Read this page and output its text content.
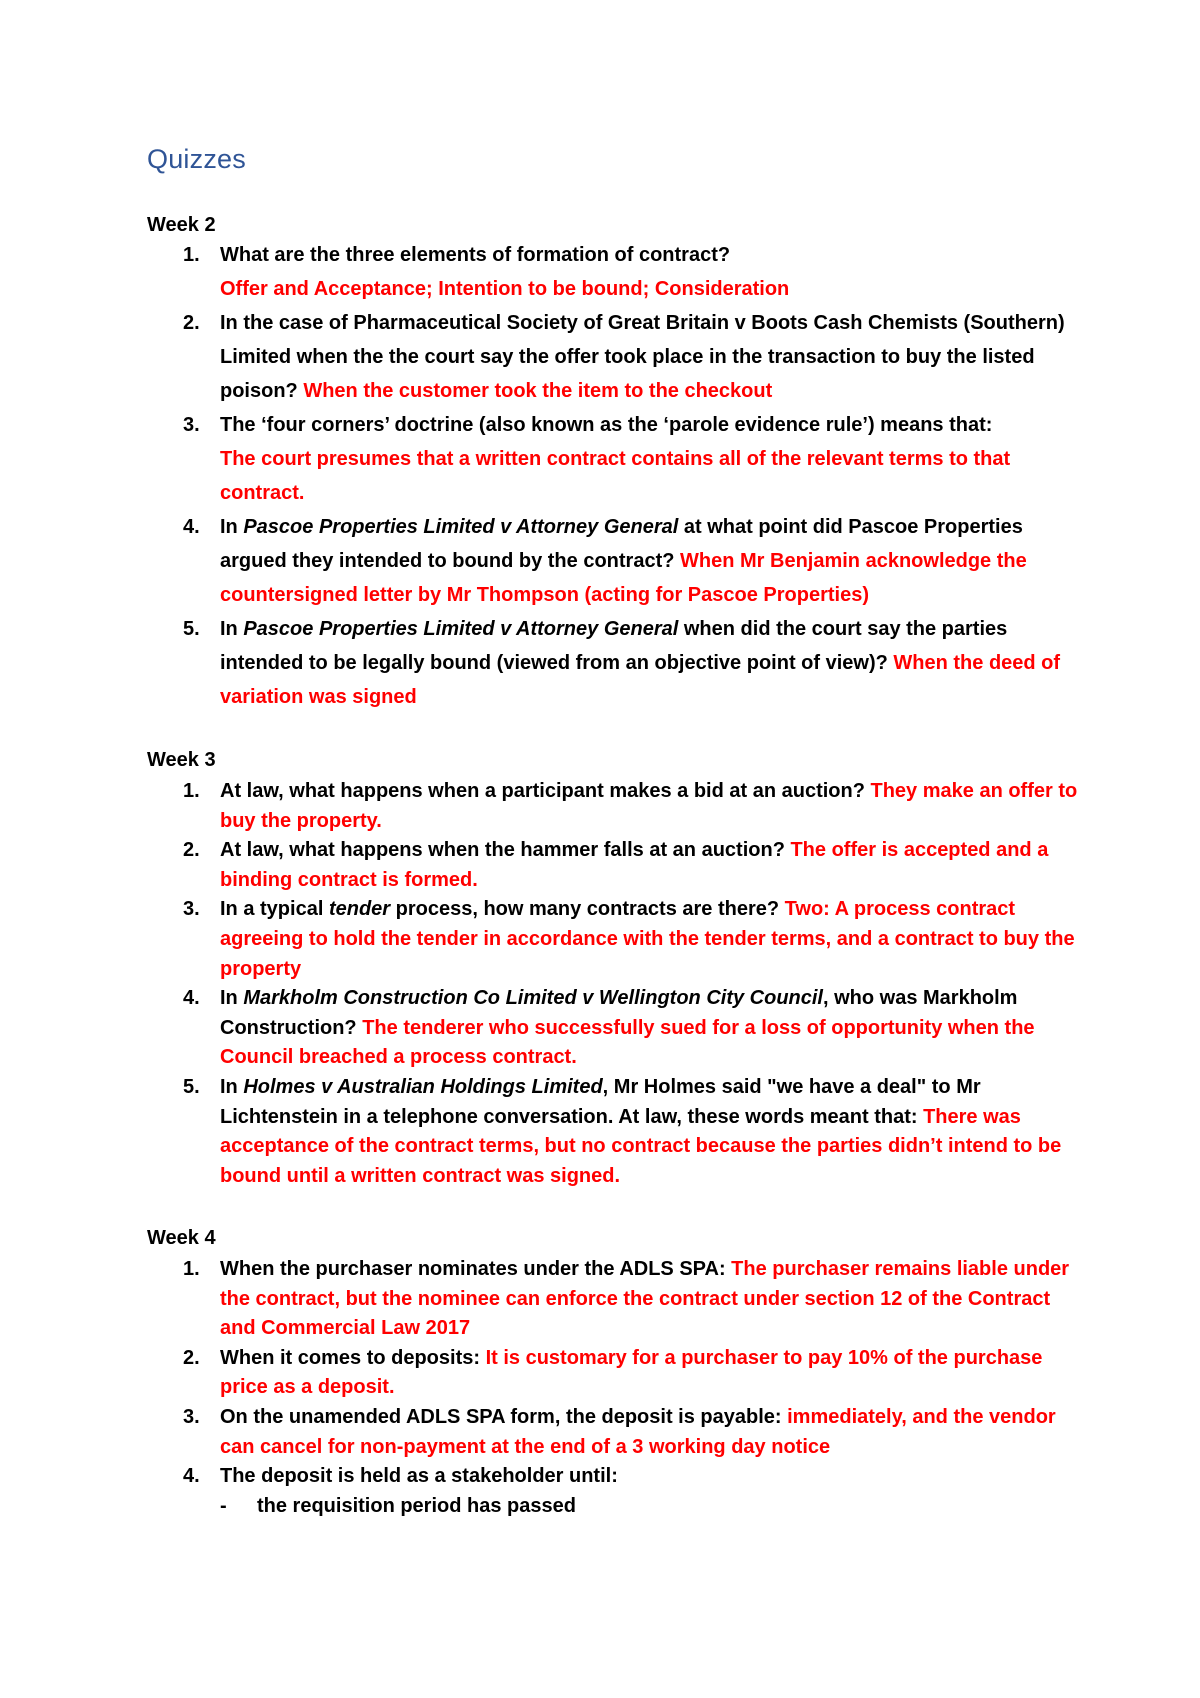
Quizzes
Week 2
1. What are the three elements of formation of contract?
Offer and Acceptance; Intention to be bound; Consideration
2. In the case of Pharmaceutical Society of Great Britain v Boots Cash Chemists (Southern) Limited when the the court say the offer took place in the transaction to buy the listed poison? When the customer took the item to the checkout
3. The ‘four corners’ doctrine (also known as the ‘parole evidence rule’) means that:
The court presumes that a written contract contains all of the relevant terms to that contract.
4. In Pascoe Properties Limited v Attorney General at what point did Pascoe Properties argued they intended to bound by the contract? When Mr Benjamin acknowledge the countersigned letter by Mr Thompson (acting for Pascoe Properties)
5. In Pascoe Properties Limited v Attorney General when did the court say the parties intended to be legally bound (viewed from an objective point of view)? When the deed of variation was signed
Week 3
1. At law, what happens when a participant makes a bid at an auction? They make an offer to buy the property.
2. At law, what happens when the hammer falls at an auction? The offer is accepted and a binding contract is formed.
3. In a typical tender process, how many contracts are there? Two: A process contract agreeing to hold the tender in accordance with the tender terms, and a contract to buy the property
4. In Markholm Construction Co Limited v Wellington City Council, who was Markholm Construction? The tenderer who successfully sued for a loss of opportunity when the Council breached a process contract.
5. In Holmes v Australian Holdings Limited, Mr Holmes said "we have a deal" to Mr Lichtenstein in a telephone conversation. At law, these words meant that: There was acceptance of the contract terms, but no contract because the parties didn’t intend to be bound until a written contract was signed.
Week 4
1. When the purchaser nominates under the ADLS SPA: The purchaser remains liable under the contract, but the nominee can enforce the contract under section 12 of the Contract and Commercial Law 2017
2. When it comes to deposits: It is customary for a purchaser to pay 10% of the purchase price as a deposit.
3. On the unamended ADLS SPA form, the deposit is payable: immediately, and the vendor can cancel for non-payment at the end of a 3 working day notice
4. The deposit is held as a stakeholder until:
- the requisition period has passed
